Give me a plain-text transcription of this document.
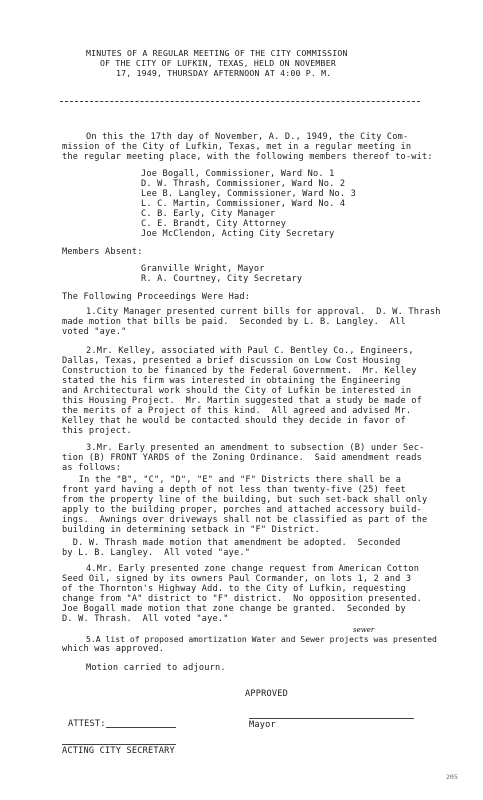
MINUTES OF A REGULAR MEETING OF THE CITY COMMISSION
OF THE CITY OF LUFKIN, TEXAS, HELD ON NOVEMBER
17, 1949, THURSDAY AFTERNOON AT 4:00 P. M.
On this the 17th day of November, A. D., 1949, the City Com-
mission of the City of Lufkin, Texas, met in a regular meeting in
the regular meeting place, with the following members thereof to-wit:
Joe Bogall, Commissioner, Ward No. 1
D. W. Thrash, Commissioner, Ward No. 2
Lee B. Langley, Commissioner, Ward No. 3
L. C. Martin, Commissioner, Ward No. 4
C. B. Early, City Manager
C. E. Brandt, City Attorney
Joe McClendon, Acting City Secretary
Members Absent:
Granville Wright, Mayor
R. A. Courtney, City Secretary
The Following Proceedings Were Had:
1.City Manager presented current bills for approval.  D. W. Thrash
made motion that bills be paid.  Seconded by L. B. Langley.  All
voted "aye."
2.Mr. Kelley, associated with Paul C. Bentley Co., Engineers,
Dallas, Texas, presented a brief discussion on Low Cost Housing
Construction to be financed by the Federal Government.  Mr. Kelley
stated the his firm was interested in obtaining the Engineering
and Architectural work should the City of Lufkin be interested in
this Housing Project.  Mr. Martin suggested that a study be made of
the merits of a Project of this kind.  All agreed and advised Mr.
Kelley that he would be contacted should they decide in favor of
this project.
3.Mr. Early presented an amendment to subsection (B) under Sec-
tion (B) FRONT YARDS of the Zoning Ordinance.  Said amendment reads
as follows:
In the "B", "C", "D", "E" and "F" Districts there shall be a
front yard having a depth of not less than twenty-five (25) feet
from the property line of the building, but such set-back shall only
apply to the building proper, porches and attached accessory build-
ings.  Awnings over driveways shall not be classified as part of the
building in determining setback in "F" District.
D. W. Thrash made motion that amendment be adopted.  Seconded
by L. B. Langley.  All voted "aye."
4.Mr. Early presented zone change request from American Cotton
Seed Oil, signed by its owners Paul Cormander, on lots 1, 2 and 3
of the Thornton's Highway Add. to the City of Lufkin, requesting
change from "A" district to "F" district.  No opposition presented.
Joe Bogall made motion that zone change be granted.  Seconded by
D. W. Thrash.  All voted "aye."
sewer
5.A list of proposed amortization Water and Sewer projects was presented
which was approved.
Motion carried to adjourn.
APPROVED
ATTEST:	Mayor
ACTING CITY SECRETARY
205
